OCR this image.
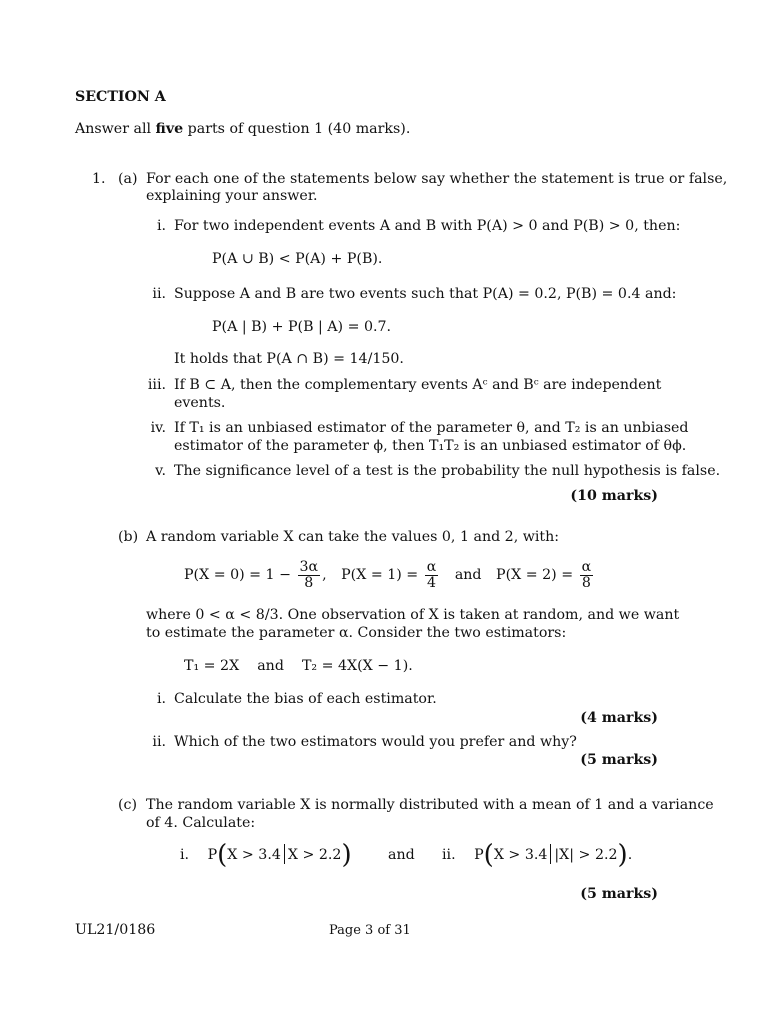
SECTION A
Answer all five parts of question 1 (40 marks).
1. (a) For each one of the statements below say whether the statement is true or false,
explaining your answer.
i. For two independent events A and B with P(A) > 0 and P(B) > 0, then:
P(A ∪ B) < P(A) + P(B).
ii. Suppose A and B are two events such that P(A) = 0.2, P(B) = 0.4 and:
P(A | B) + P(B | A) = 0.7.
It holds that P(A ∩ B) = 14/150.
iii. If B ⊂ A, then the complementary events Aᶜ and Bᶜ are independent
events.
iv. If T₁ is an unbiased estimator of the parameter θ, and T₂ is an unbiased
estimator of the parameter ϕ, then T₁T₂ is an unbiased estimator of θϕ.
v. The significance level of a test is the probability the null hypothesis is false.
(10 marks)
(b) A random variable X can take the values 0, 1 and 2, with:
$P(X = 0) = 1 - \frac{3\alpha}{8}$ , $P(X = 1) = \frac{\alpha}{4}$ and $P(X = 2) = \frac{\alpha}{8}$
where 0 < α < 8/3. One observation of X is taken at random, and we want
to estimate the parameter α. Consider the two estimators:
T₁ = 2X    and    T₂ = 4X(X − 1).
i. Calculate the bias of each estimator.
(4 marks)
ii. Which of the two estimators would you prefer and why?
(5 marks)
(c) The random variable X is normally distributed with a mean of 1 and a variance
of 4. Calculate:
i. P(X > 3.4 X > 2.2)	and ii. P(X > 3.4 |X| > 2.2).
(5 marks)
UL21/0186	Page 3 of 31
